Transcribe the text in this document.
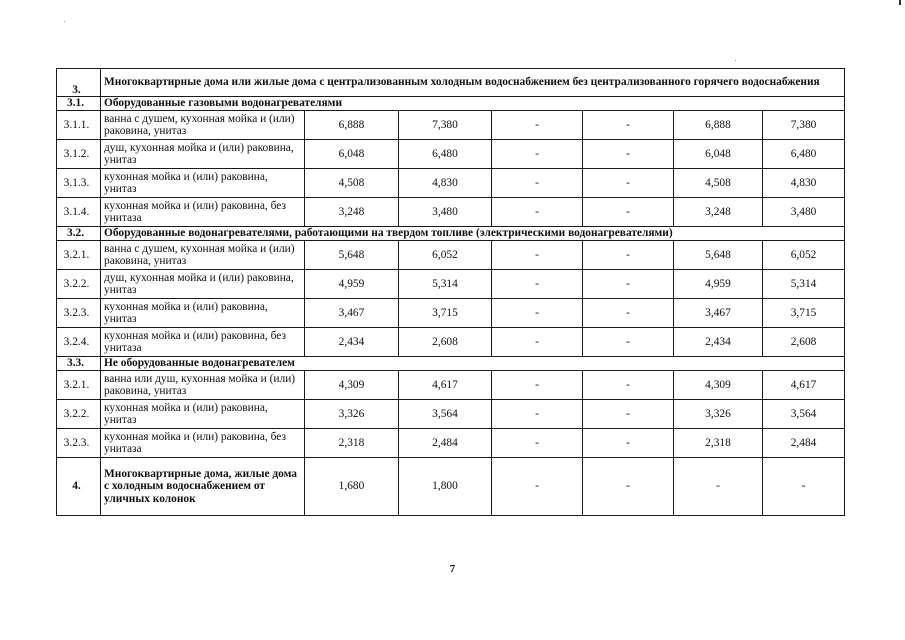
3.	Многоквартирные дома или жилые дома с централизованным холодным водоснабжением без централизованного горячего водоснабжения						
3.1.	Оборудованные газовыми водонагревателями						
3.1.1.	ванна с душем, кухонная мойка и (или) раковина, унитаз	6,888	7,380	-	-	6,888	7,380
3.1.2.	душ, кухонная мойка и (или) раковина, унитаз	6,048	6,480	-	-	6,048	6,480
3.1.3.	кухонная мойка и (или) раковина, унитаз	4,508	4,830	-	-	4,508	4,830
3.1.4.	кухонная мойка и (или) раковина, без унитаза	3,248	3,480	-	-	3,248	3,480
3.2.	Оборудованные водонагревателями, работающими на твердом топливе (электрическими водонагревателями)						
3.2.1.	ванна с душем, кухонная мойка и (или) раковина, унитаз	5,648	6,052	-	-	5,648	6,052
3.2.2.	душ, кухонная мойка и (или) раковина, унитаз	4,959	5,314	-	-	4,959	5,314
3.2.3.	кухонная мойка и (или) раковина, унитаз	3,467	3,715	-	-	3,467	3,715
3.2.4.	кухонная мойка и (или) раковина, без унитаза	2,434	2,608	-	-	2,434	2,608
3.3.	Не оборудованные водонагревателем						
3.2.1.	ванна или душ, кухонная мойка и (или) раковина, унитаз	4,309	4,617	-	-	4,309	4,617
3.2.2.	кухонная мойка и (или) раковина, унитаз	3,326	3,564	-	-	3,326	3,564
3.2.3.	кухонная мойка и (или) раковина, без унитаза	2,318	2,484	-	-	2,318	2,484
4.	Многоквартирные дома, жилые дома с холодным водоснабжением от уличных колонок	1,680	1,800	-	-	-	-
7
